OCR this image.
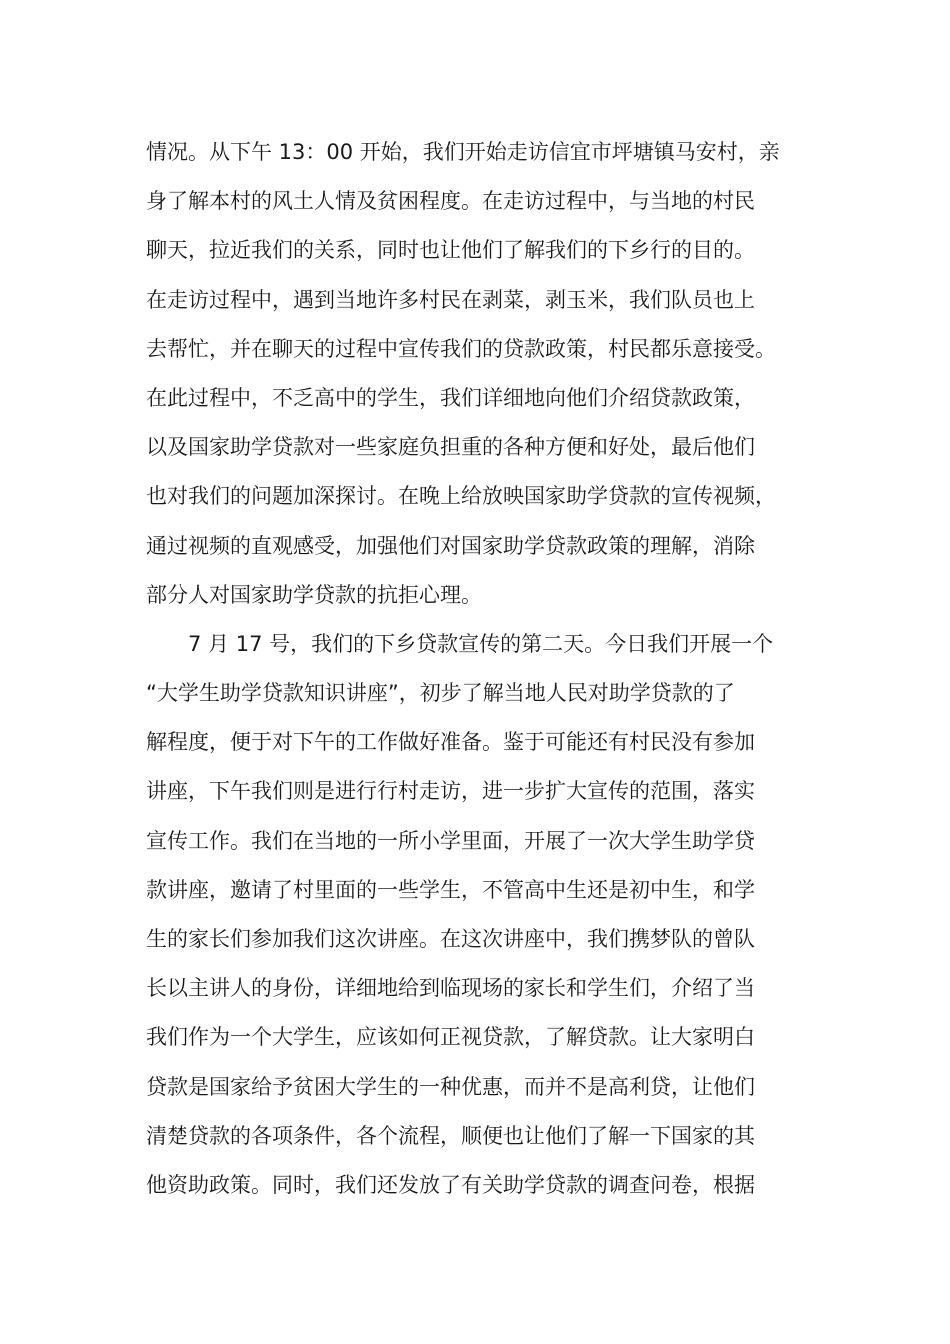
情况。从下午 13：00 开始，我们开始走访信宜市坪塘镇马安村，亲
身了解本村的风土人情及贫困程度。在走访过程中，与当地的村民
聊天，拉近我们的关系，同时也让他们了解我们的下乡行的目的。
在走访过程中，遇到当地许多村民在剥菜，剥玉米，我们队员也上
去帮忙，并在聊天的过程中宣传我们的贷款政策，村民都乐意接受。
在此过程中，不乏高中的学生，我们详细地向他们介绍贷款政策，
以及国家助学贷款对一些家庭负担重的各种方便和好处，最后他们
也对我们的问题加深探讨。在晚上给放映国家助学贷款的宣传视频，
通过视频的直观感受，加强他们对国家助学贷款政策的理解，消除
部分人对国家助学贷款的抗拒心理。
7 月 17 号，我们的下乡贷款宣传的第二天。今日我们开展一个
“大学生助学贷款知识讲座”，初步了解当地人民对助学贷款的了
解程度，便于对下午的工作做好准备。鉴于可能还有村民没有参加
讲座，下午我们则是进行行村走访，进一步扩大宣传的范围，落实
宣传工作。我们在当地的一所小学里面，开展了一次大学生助学贷
款讲座，邀请了村里面的一些学生，不管高中生还是初中生，和学
生的家长们参加我们这次讲座。在这次讲座中，我们携梦队的曾队
长以主讲人的身份，详细地给到临现场的家长和学生们，介绍了当
我们作为一个大学生，应该如何正视贷款，了解贷款。让大家明白
贷款是国家给予贫困大学生的一种优惠，而并不是高利贷，让他们
清楚贷款的各项条件，各个流程，顺便也让他们了解一下国家的其
他资助政策。同时，我们还发放了有关助学贷款的调查问卷，根据
